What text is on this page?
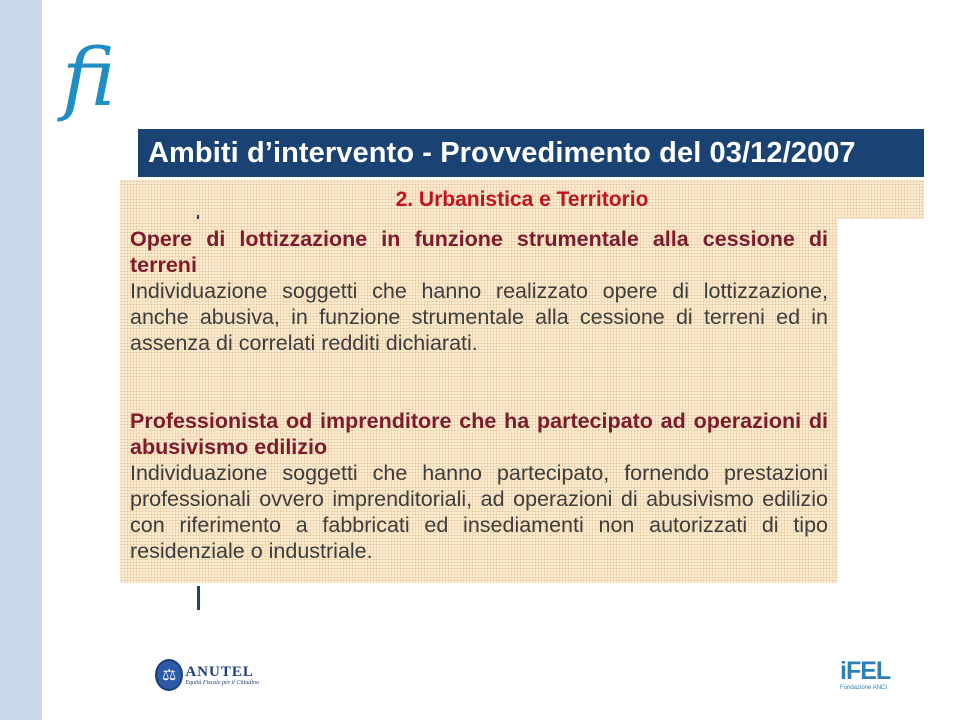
fi
Ambiti d’intervento - Provvedimento del 03/12/2007
2. Urbanistica e Territorio

Opere di lottizzazione in funzione strumentale alla cessione di terreni

Individuazione soggetti che hanno realizzato opere di lottizzazione, anche abusiva, in funzione strumentale alla cessione di terreni ed in assenza di correlati redditi dichiarati.

Professionista od imprenditore che ha partecipato ad operazioni di abusivismo edilizio

Individuazione soggetti che hanno partecipato, fornendo prestazioni professionali ovvero imprenditoriali, ad operazioni di abusivismo edilizio con riferimento a fabbricati ed insediamenti non autorizzati di tipo residenziale o industriale.

⚖ ANUTEL
Equità Fiscale per il Cittadino	iFEL
Fondazione ANCI
